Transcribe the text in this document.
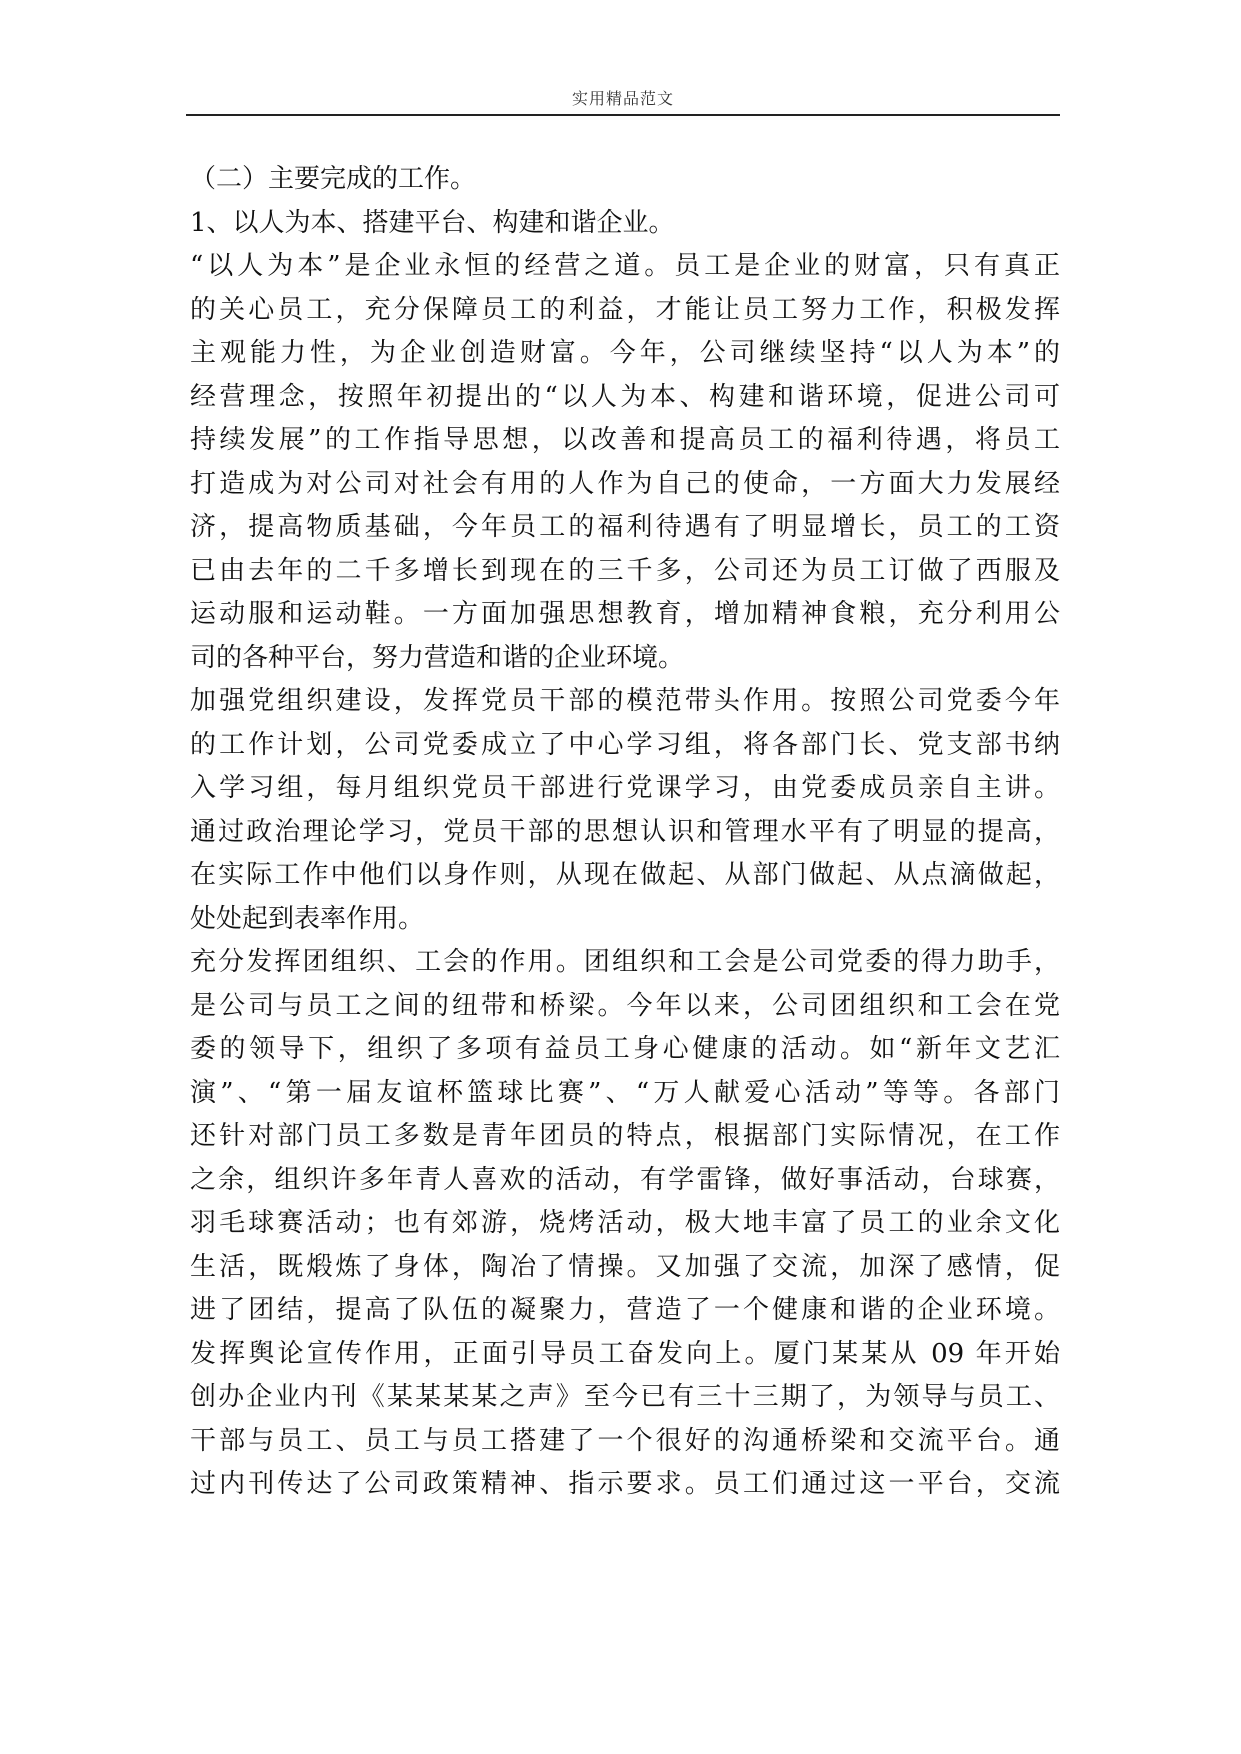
实用精品范文
（二）主要完成的工作。
1、以人为本、搭建平台、构建和谐企业。
“以人为本”是企业永恒的经营之道。员工是企业的财富，只有真正
的关心员工，充分保障员工的利益，才能让员工努力工作，积极发挥
主观能力性，为企业创造财富。今年，公司继续坚持“以人为本”的
经营理念，按照年初提出的“以人为本、构建和谐环境，促进公司可
持续发展”的工作指导思想，以改善和提高员工的福利待遇，将员工
打造成为对公司对社会有用的人作为自己的使命，一方面大力发展经
济，提高物质基础，今年员工的福利待遇有了明显增长，员工的工资
已由去年的二千多增长到现在的三千多，公司还为员工订做了西服及
运动服和运动鞋。一方面加强思想教育，增加精神食粮，充分利用公
司的各种平台，努力营造和谐的企业环境。
加强党组织建设，发挥党员干部的模范带头作用。按照公司党委今年
的工作计划，公司党委成立了中心学习组，将各部门长、党支部书纳
入学习组，每月组织党员干部进行党课学习，由党委成员亲自主讲。
通过政治理论学习，党员干部的思想认识和管理水平有了明显的提高，
在实际工作中他们以身作则，从现在做起、从部门做起、从点滴做起，
处处起到表率作用。
充分发挥团组织、工会的作用。团组织和工会是公司党委的得力助手，
是公司与员工之间的纽带和桥梁。今年以来，公司团组织和工会在党
委的领导下，组织了多项有益员工身心健康的活动。如“新年文艺汇
演”、“第一届友谊杯篮球比赛”、“万人献爱心活动”等等。各部门
还针对部门员工多数是青年团员的特点，根据部门实际情况，在工作
之余，组织许多年青人喜欢的活动，有学雷锋，做好事活动，台球赛，
羽毛球赛活动；也有郊游，烧烤活动，极大地丰富了员工的业余文化
生活，既煅炼了身体，陶冶了情操。又加强了交流，加深了感情，促
进了团结，提高了队伍的凝聚力，营造了一个健康和谐的企业环境。
发挥舆论宣传作用，正面引导员工奋发向上。厦门某某从 09 年开始
创办企业内刊《某某某某之声》至今已有三十三期了，为领导与员工、
干部与员工、员工与员工搭建了一个很好的沟通桥梁和交流平台。通
过内刊传达了公司政策精神、指示要求。员工们通过这一平台，交流
